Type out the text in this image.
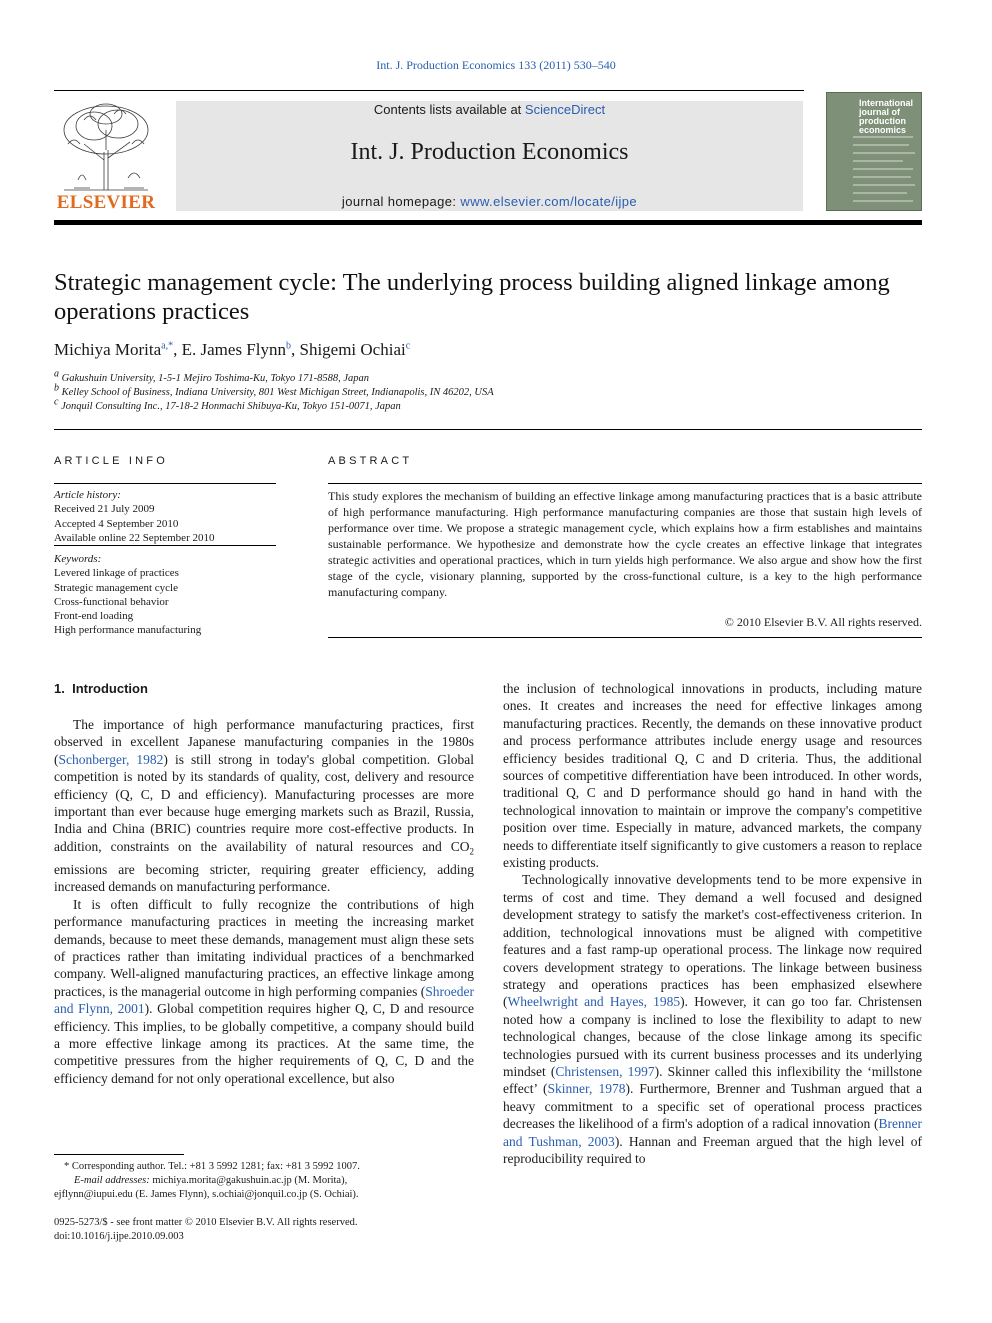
Int. J. Production Economics 133 (2011) 530–540
ELSEVIER
Contents lists available at ScienceDirect
Int. J. Production Economics
journal homepage: www.elsevier.com/locate/ijpe
International journal of production economics
Strategic management cycle: The underlying process building aligned linkage among operations practices
Michiya Morita$^{a,*}$, E. James Flynn$^b$, Shigemi Ochiai$^c$
$^a$ Gakushuin University, 1-5-1 Mejiro Toshima-Ku, Tokyo 171-8588, Japan
$^b$ Kelley School of Business, Indiana University, 801 West Michigan Street, Indianapolis, IN 46202, USA
$^c$ Jonquil Consulting Inc., 17-18-2 Honmachi Shibuya-Ku, Tokyo 151-0071, Japan
ARTICLE INFO
Article history:
Received 21 July 2009
Accepted 4 September 2010
Available online 22 September 2010
Keywords:
Levered linkage of practices
Strategic management cycle
Cross-functional behavior
Front-end loading
High performance manufacturing
ABSTRACT
This study explores the mechanism of building an effective linkage among manufacturing practices that is a basic attribute of high performance manufacturing. High performance manufacturing companies are those that sustain high levels of performance over time. We propose a strategic management cycle, which explains how a firm establishes and maintains sustainable performance. We hypothesize and demonstrate how the cycle creates an effective linkage that integrates strategic activities and operational practices, which in turn yields high performance. We also argue and show how the first stage of the cycle, visionary planning, supported by the cross-functional culture, is a key to the high performance manufacturing company.
© 2010 Elsevier B.V. All rights reserved.
1. Introduction

The importance of high performance manufacturing practices, first observed in excellent Japanese manufacturing companies in the 1980s (Schonberger, 1982) is still strong in today's global competition. Global competition is noted by its standards of quality, cost, delivery and resource efficiency (Q, C, D and efficiency). Manufacturing processes are more important than ever because huge emerging markets such as Brazil, Russia, India and China (BRIC) countries require more cost-effective products. In addition, constraints on the availability of natural resources and $CO_2$ emissions are becoming stricter, requiring greater efficiency, adding increased demands on manufacturing performance.

It is often difficult to fully recognize the contributions of high performance manufacturing practices in meeting the increasing market demands, because to meet these demands, management must align these sets of practices rather than imitating individual practices of a benchmarked company. Well-aligned manufacturing practices, an effective linkage among practices, is the managerial outcome in high performing companies (Shroeder and Flynn, 2001). Global competition requires higher Q, C, D and resource efficiency. This implies, to be globally competitive, a company should build a more effective linkage among its practices. At the same time, the competitive pressures from the higher requirements of Q, C, D and the efficiency demand for not only operational excellence, but also

the inclusion of technological innovations in products, including mature ones. It creates and increases the need for effective linkages among manufacturing practices. Recently, the demands on these innovative product and process performance attributes include energy usage and resources efficiency besides traditional Q, C and D criteria. Thus, the additional sources of competitive differentiation have been introduced. In other words, traditional Q, C and D performance should go hand in hand with the technological innovation to maintain or improve the company's competitive position over time. Especially in mature, advanced markets, the company needs to differentiate itself significantly to give customers a reason to replace existing products.

Technologically innovative developments tend to be more expensive in terms of cost and time. They demand a well focused and designed development strategy to satisfy the market's cost-effectiveness criterion. In addition, technological innovations must be aligned with competitive features and a fast ramp-up operational process. The linkage now required covers development strategy to operations. The linkage between business strategy and operations practices has been emphasized elsewhere (Wheelwright and Hayes, 1985). However, it can go too far. Christensen noted how a company is inclined to lose the flexibility to adapt to new technological changes, because of the close linkage among its specific technologies pursued with its current business processes and its underlying mindset (Christensen, 1997). Skinner called this inflexibility the ‘millstone effect’ (Skinner, 1978). Furthermore, Brenner and Tushman argued that a heavy commitment to a specific set of operational process practices decreases the likelihood of a firm's adoption of a radical innovation (Brenner and Tushman, 2003). Hannan and Freeman argued that the high level of reproducibility required to

* Corresponding author. Tel.: +81 3 5992 1281; fax: +81 3 5992 1007.
E-mail addresses: michiya.morita@gakushuin.ac.jp (M. Morita),
ejflynn@iupui.edu (E. James Flynn), s.ochiai@jonquil.co.jp (S. Ochiai).
0925-5273/$ - see front matter © 2010 Elsevier B.V. All rights reserved.
doi:10.1016/j.ijpe.2010.09.003
